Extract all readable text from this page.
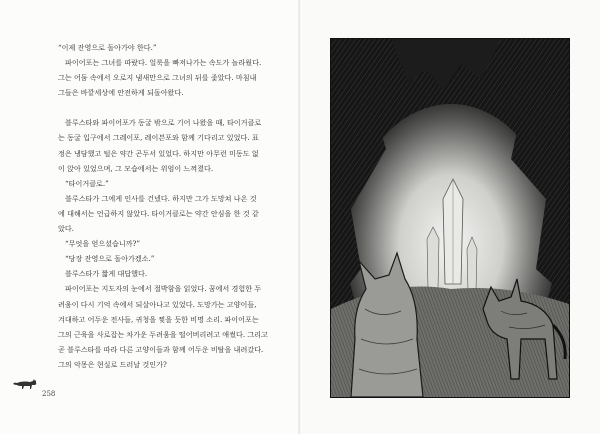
“이제 잔영으로 돌아가야 한다.”

파이어포는 그녀를 따랐다. 얼룩을 빠져나가는 속도가 놀라웠다.

그는 어둠 속에서 오로지 냄새만으로 그녀의 뒤를 좇았다. 마침내

그들은 바깥세상에 안전하게 되돌아왔다.

블루스타와 파이어포가 동굴 밖으로 기어 나왔을 때, 타이거클로

는 동굴 입구에서 그레이포, 레이븐포와 함께 기다리고 있었다. 표

정은 냉담했고 털은 약간 곤두서 있었다. 하지만 아무런 미동도 없

이 앉아 있었으며, 그 모습에서는 위엄이 느껴졌다.

“타이거클로.”

블루스타가 그에게 인사를 건넸다. 하지만 그가 도망쳐 나온 것

에 대해서는 언급하지 않았다. 타이거클로는 약간 안심을 한 것 같

았다.

“무엇을 얻으셨습니까?”

“당장 잔영으로 돌아가겠소.”

블루스타가 짧게 대답했다.

파이어포는 지도자의 눈에서 절박함을 읽었다. 꿈에서 경험한 두

려움이 다시 기억 속에서 되살아나고 있었다. 도망가는 고양이들,

겨대하고 어두운 전사들, 귀청을 찢을 듯한 비명 소리. 파이어포는

그의 근육을 사로잡는 차가운 두려움을 떨어버리려고 애썼다. 그리고

곧 블루스타를 따라 다른 고양이들과 함께 어두운 비탈을 내려갔다.

그의 악몽은 현실로 드러날 것인가?

258
